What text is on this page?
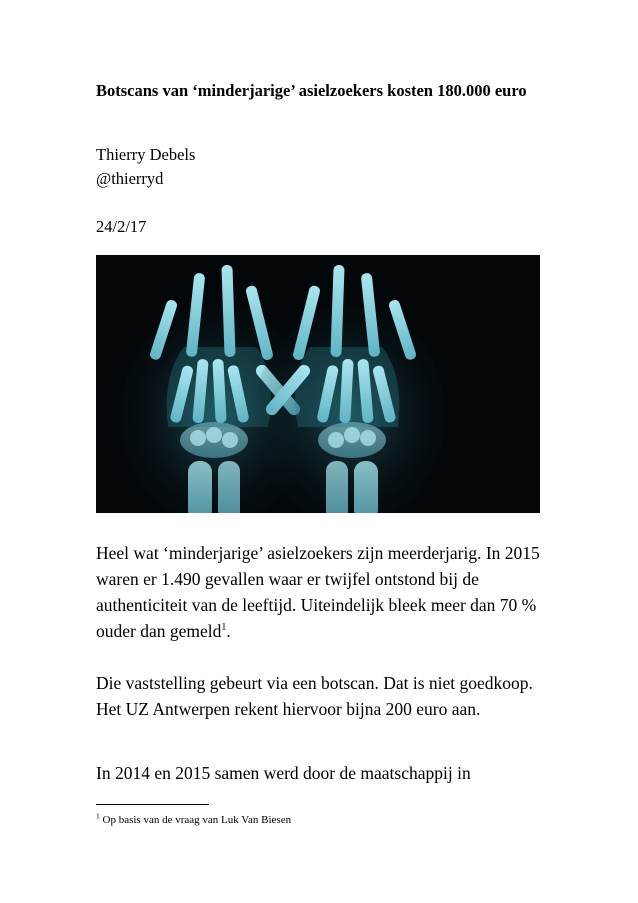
Botscans van ‘minderjarige’ asielzoekers kosten 180.000 euro

Thierry Debels

@thierryd

24/2/17

Heel wat ‘minderjarige’ asielzoekers zijn meerderjarig. In 2015 waren er 1.490 gevallen waar er twijfel ontstond bij de authenticiteit van de leeftijd. Uiteindelijk bleek meer dan 70 % ouder dan gemeld$^1$.

Die vaststelling gebeurt via een botscan. Dat is niet goedkoop. Het UZ Antwerpen rekent hiervoor bijna 200 euro aan.

In 2014 en 2015 samen werd door de maatschappij in

$^1$ Op basis van de vraag van Luk Van Biesen
